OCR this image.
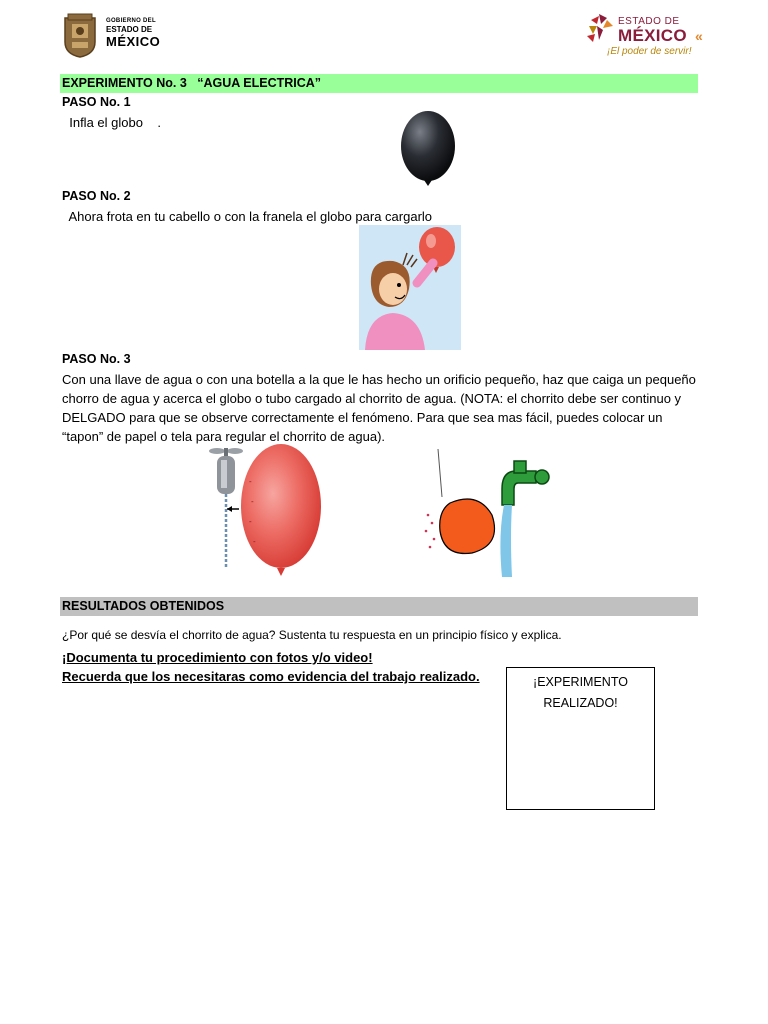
GOBIERNO DEL
ESTADO DE
MÉXICO
ESTADO DE
MÉXICO
¡El poder de servir!
«
EXPERIMENTO No. 3   “AGUA ELECTRICA”
PASO No. 1
Infla el globo    .
PASO No. 2
Ahora frota en tu cabello o con la franela el globo para cargarlo
PASO No. 3
Con una llave de agua o con una botella a la que le has hecho un orificio pequeño, haz que caiga un pequeño chorro de agua y acerca el globo o tubo cargado al chorrito de agua. (NOTA: el chorrito debe ser continuo y DELGADO para que se observe correctamente el fenómeno. Para que sea mas fácil, puedes colocar un “tapon” de papel o tela para regular el chorrito de agua).
-
-
-
-
RESULTADOS OBTENIDOS
¿Por qué se desvía el chorrito de agua? Sustenta tu respuesta en un principio físico y explica.
¡Documenta tu procedimiento con fotos y/o video!
Recuerda que los necesitaras como evidencia del trabajo realizado.	¡EXPERIMENTO
REALIZADO!
